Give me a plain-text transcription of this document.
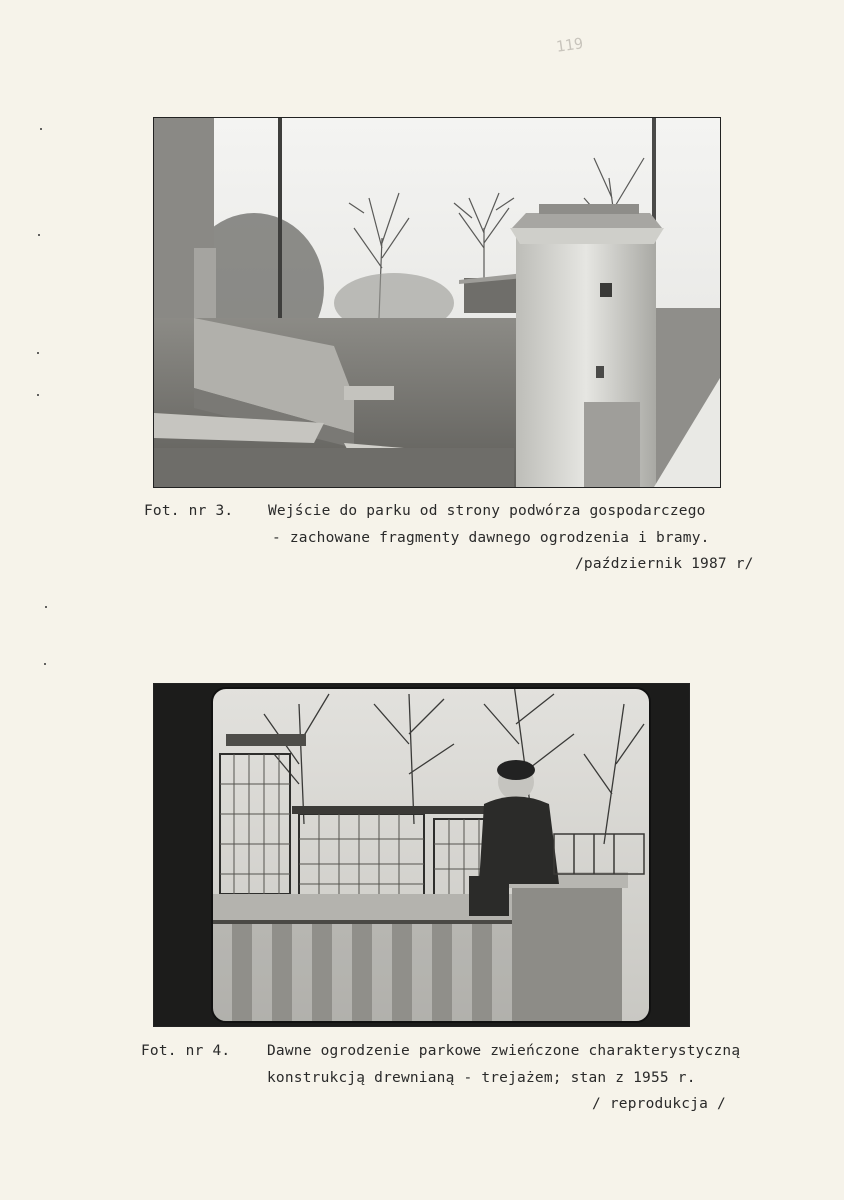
119
Fot. nr 3. Wejście do parku od strony podwórza gospodarczego
- zachowane fragmenty dawnego ogrodzenia i bramy.
/październik 1987 r/
Fot. nr 4.	Dawne ogrodzenie parkowe zwieńczone charakterystyczną
konstrukcją drewnianą - trejażem; stan z 1955 r.
/ reprodukcja /
